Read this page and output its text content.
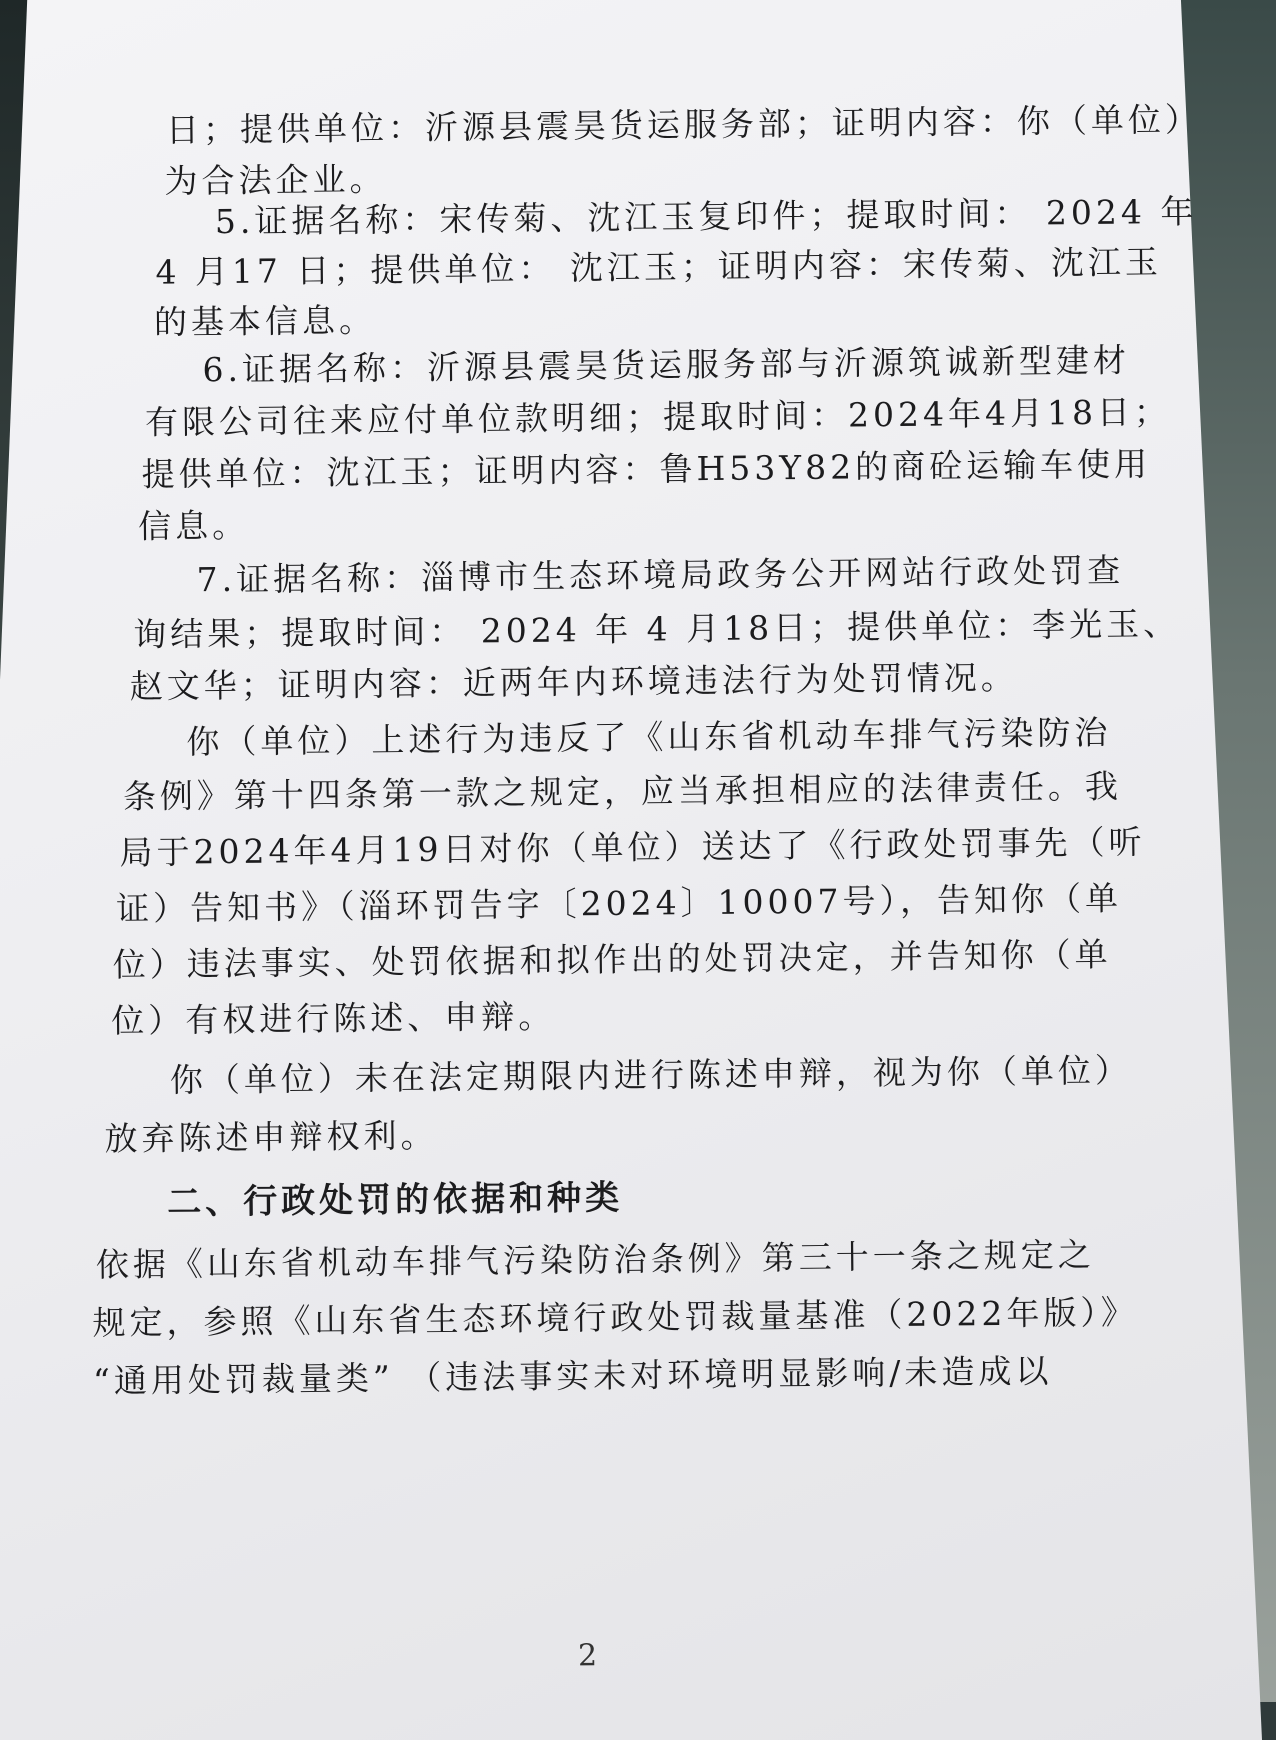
日；提供单位：沂源县震昊货运服务部；证明内容：你（单位）
为合法企业。
5.证据名称：宋传菊、沈江玉复印件；提取时间： 2024 年
4 月17 日；提供单位： 沈江玉；证明内容：宋传菊、沈江玉
的基本信息。
6.证据名称：沂源县震昊货运服务部与沂源筑诚新型建材
有限公司往来应付单位款明细；提取时间：2024年4月18日；
提供单位：沈江玉；证明内容：鲁H53Y82的商砼运输车使用
信息。
7.证据名称：淄博市生态环境局政务公开网站行政处罚查
询结果；提取时间： 2024 年 4 月18日；提供单位：李光玉、
赵文华；证明内容：近两年内环境违法行为处罚情况。
你（单位）上述行为违反了《山东省机动车排气污染防治
条例》第十四条第一款之规定，应当承担相应的法律责任。我
局于2024年4月19日对你（单位）送达了《行政处罚事先（听
证）告知书》（淄环罚告字〔2024〕10007号），告知你（单
位）违法事实、处罚依据和拟作出的处罚决定，并告知你（单
位）有权进行陈述、申辩。
你（单位）未在法定期限内进行陈述申辩，视为你（单位）
放弃陈述申辩权利。
二、行政处罚的依据和种类
依据《山东省机动车排气污染防治条例》第三十一条之规定之
规定，参照《山东省生态环境行政处罚裁量基准（2022年版）》
“通用处罚裁量类” （违法事实未对环境明显影响/未造成以
2
